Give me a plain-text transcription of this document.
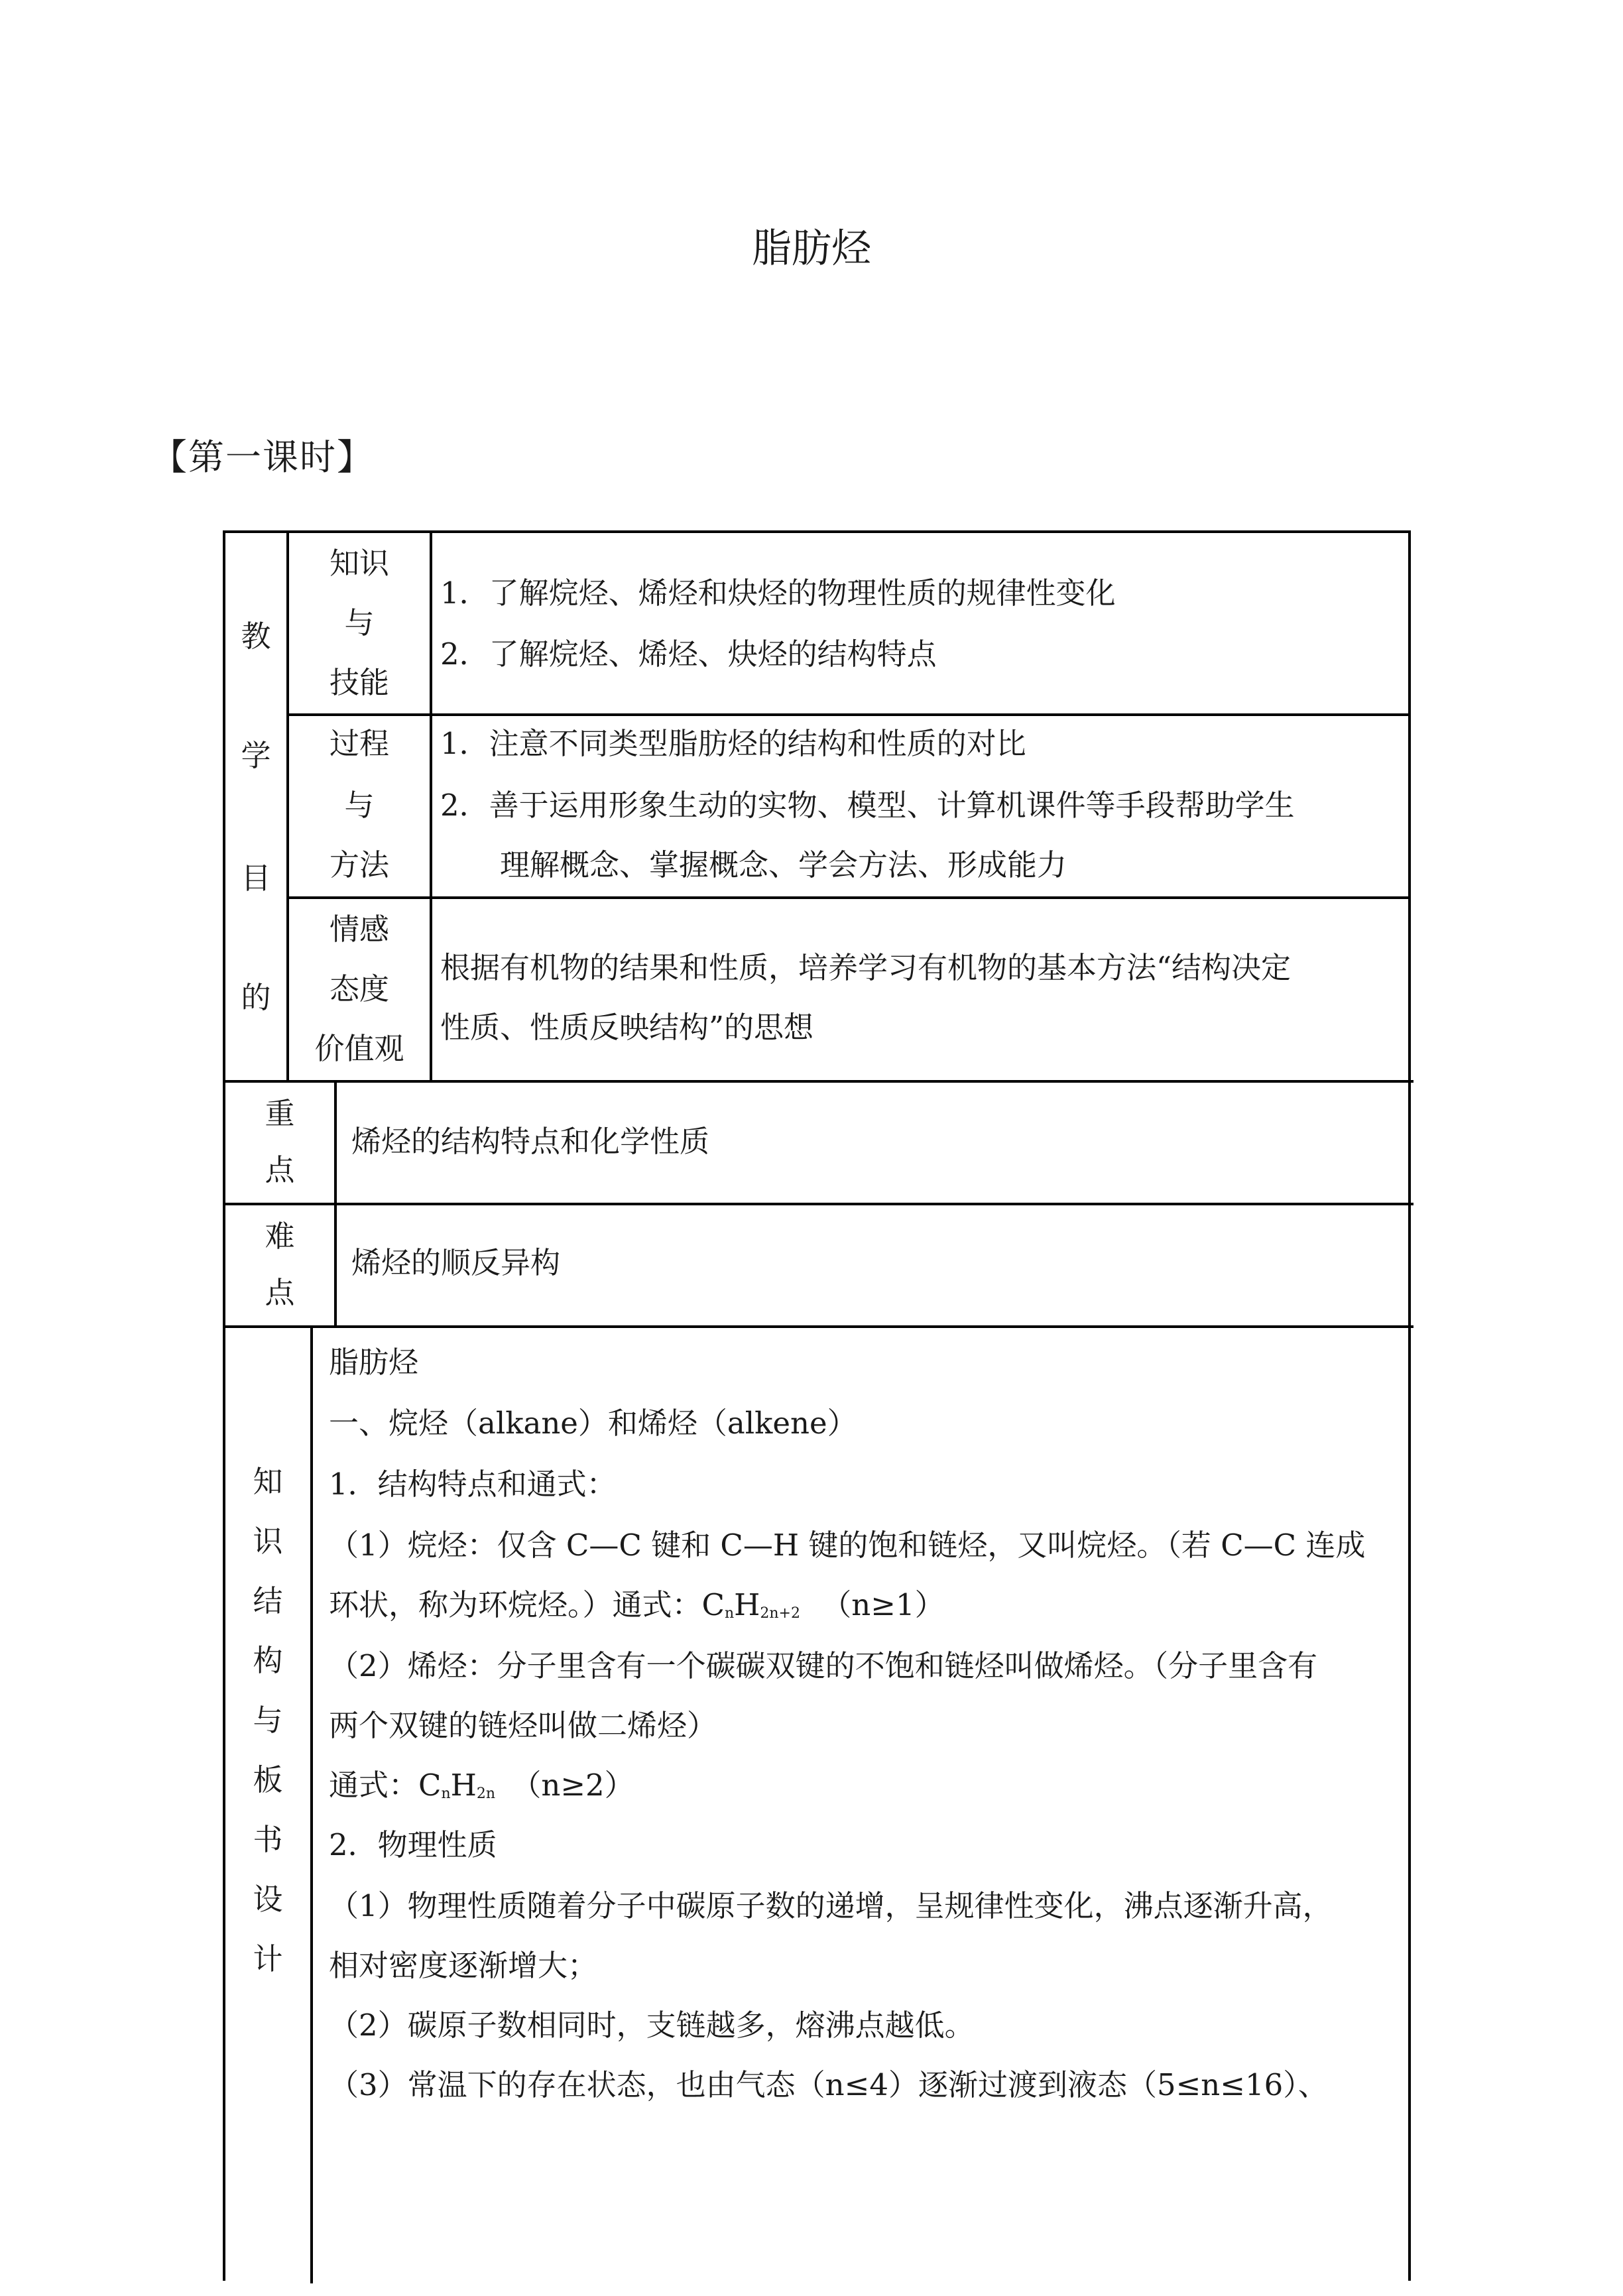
脂肪烃
【第一课时】
教
学
目
的
知识
与
技能
1．了解烷烃、烯烃和炔烃的物理性质的规律性变化
2．了解烷烃、烯烃、炔烃的结构特点
过程
与
方法
1．注意不同类型脂肪烃的结构和性质的对比
2．善于运用形象生动的实物、模型、计算机课件等手段帮助学生
理解概念、掌握概念、学会方法、形成能力
情感
态度
价值观
根据有机物的结果和性质，培养学习有机物的基本方法“结构决定
性质、性质反映结构”的思想
重
点
烯烃的结构特点和化学性质
难
点
烯烃的顺反异构
知
识
结
构
与
板
书
设
计
脂肪烃
一、烷烃（alkane）和烯烃（alkene）
1．结构特点和通式：
（1）烷烃：仅含 C—C 键和 C—H 键的饱和链烃，又叫烷烃。（若 C—C 连成
环状，称为环烷烃。）通式：$C_nH_{2n+2}$ （n≥1）
（2）烯烃：分子里含有一个碳碳双键的不饱和链烃叫做烯烃。（分子里含有
两个双键的链烃叫做二烯烃）
通式：$C_nH_{2n}$ （n≥2）
2．物理性质
（1）物理性质随着分子中碳原子数的递增，呈规律性变化，沸点逐渐升高，
相对密度逐渐增大；
（2）碳原子数相同时，支链越多，熔沸点越低。
（3）常温下的存在状态，也由气态（n≤4）逐渐过渡到液态（5≤n≤16）、
